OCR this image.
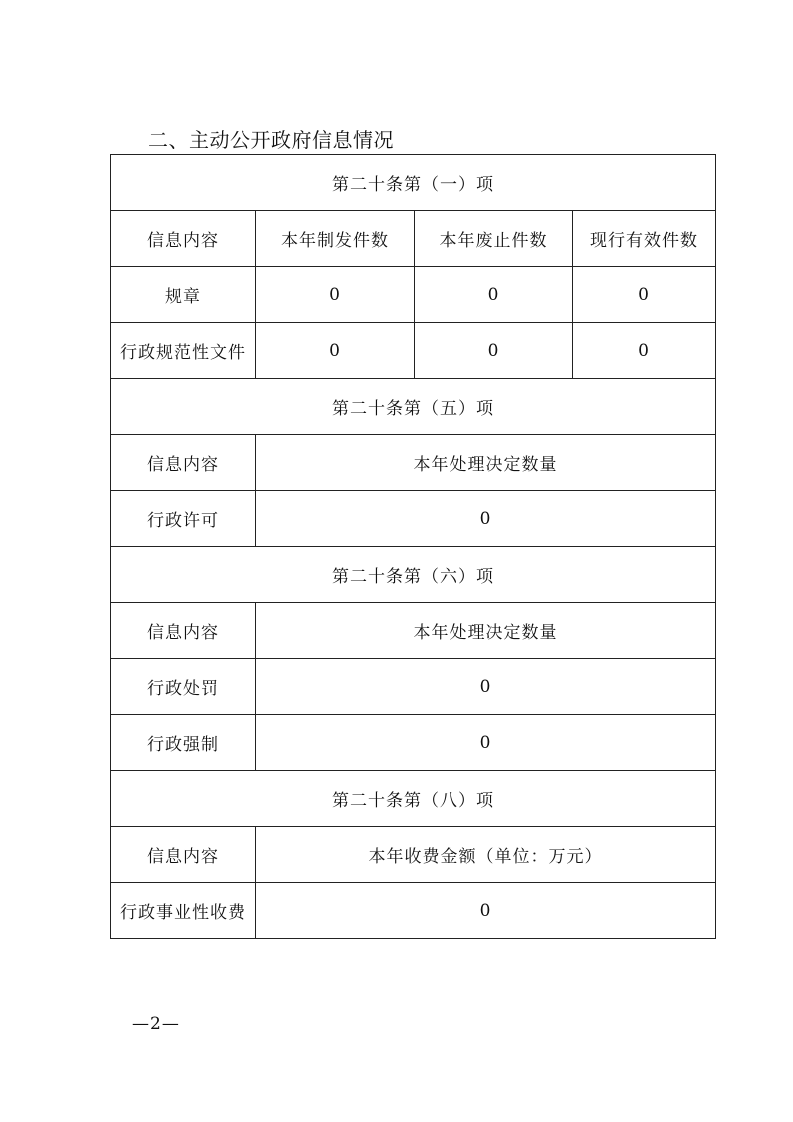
二、主动公开政府信息情况
第二十条第（一）项			
信息内容	本年制发件数	本年废止件数	现行有效件数
规章	0	0	0
行政规范性文件	0	0	0
第二十条第（五）项			
信息内容	本年处理决定数量		
行政许可	0		
第二十条第（六）项			
信息内容	本年处理决定数量		
行政处罚	0		
行政强制	0		
第二十条第（八）项			
信息内容	本年收费金额（单位：万元）		
行政事业性收费	0		
—2—
